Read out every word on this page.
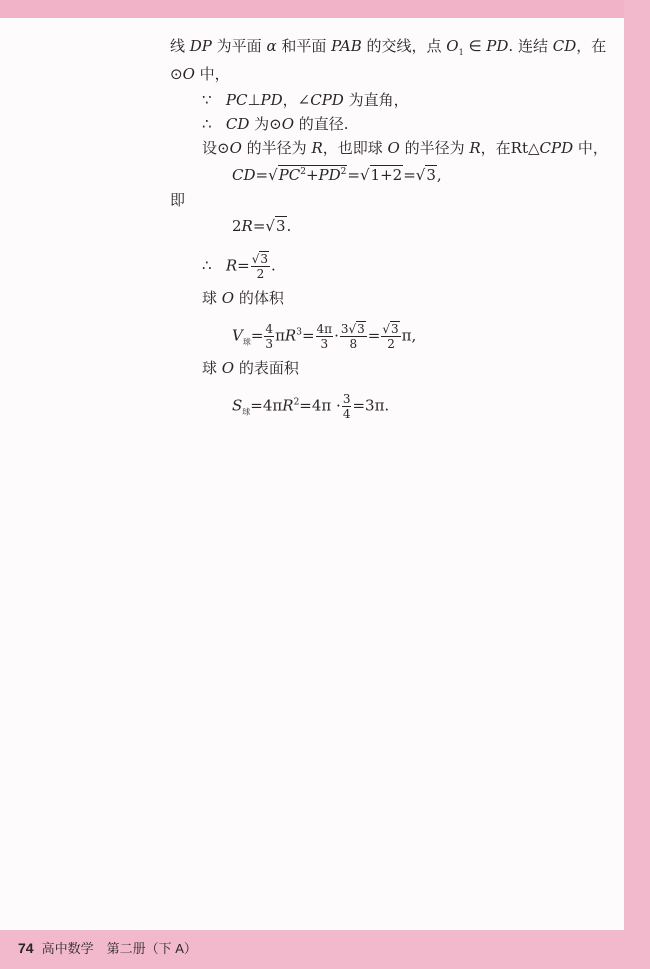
线 DP 为平面 α 和平面 PAB 的交线，点 $O_1$ ∈ PD. 连结 CD，在
⊙O 中，
∵ PC⊥PD，∠CPD 为直角，
∴ CD 为⊙O 的直径.
设⊙O 的半径为 R，也即球 O 的半径为 R，在Rt△CPD 中，
$CD=√PC^2+PD^2=√1+2=√3$,
即
2R=√3.
∴ $R= \frac{√3}{2}$ .
球 O 的体积
$V_球= \frac{4}{3} \pi R^3= \frac{4\pi}{3} \cdot \frac{3√3}{8} = \frac{√3}{2} \pi$,
球 O 的表面积
$S_球=4\pi R^2=4\pi \cdot \frac{3}{4} =3\pi$.
74 高中数学　第二册（下 A）
